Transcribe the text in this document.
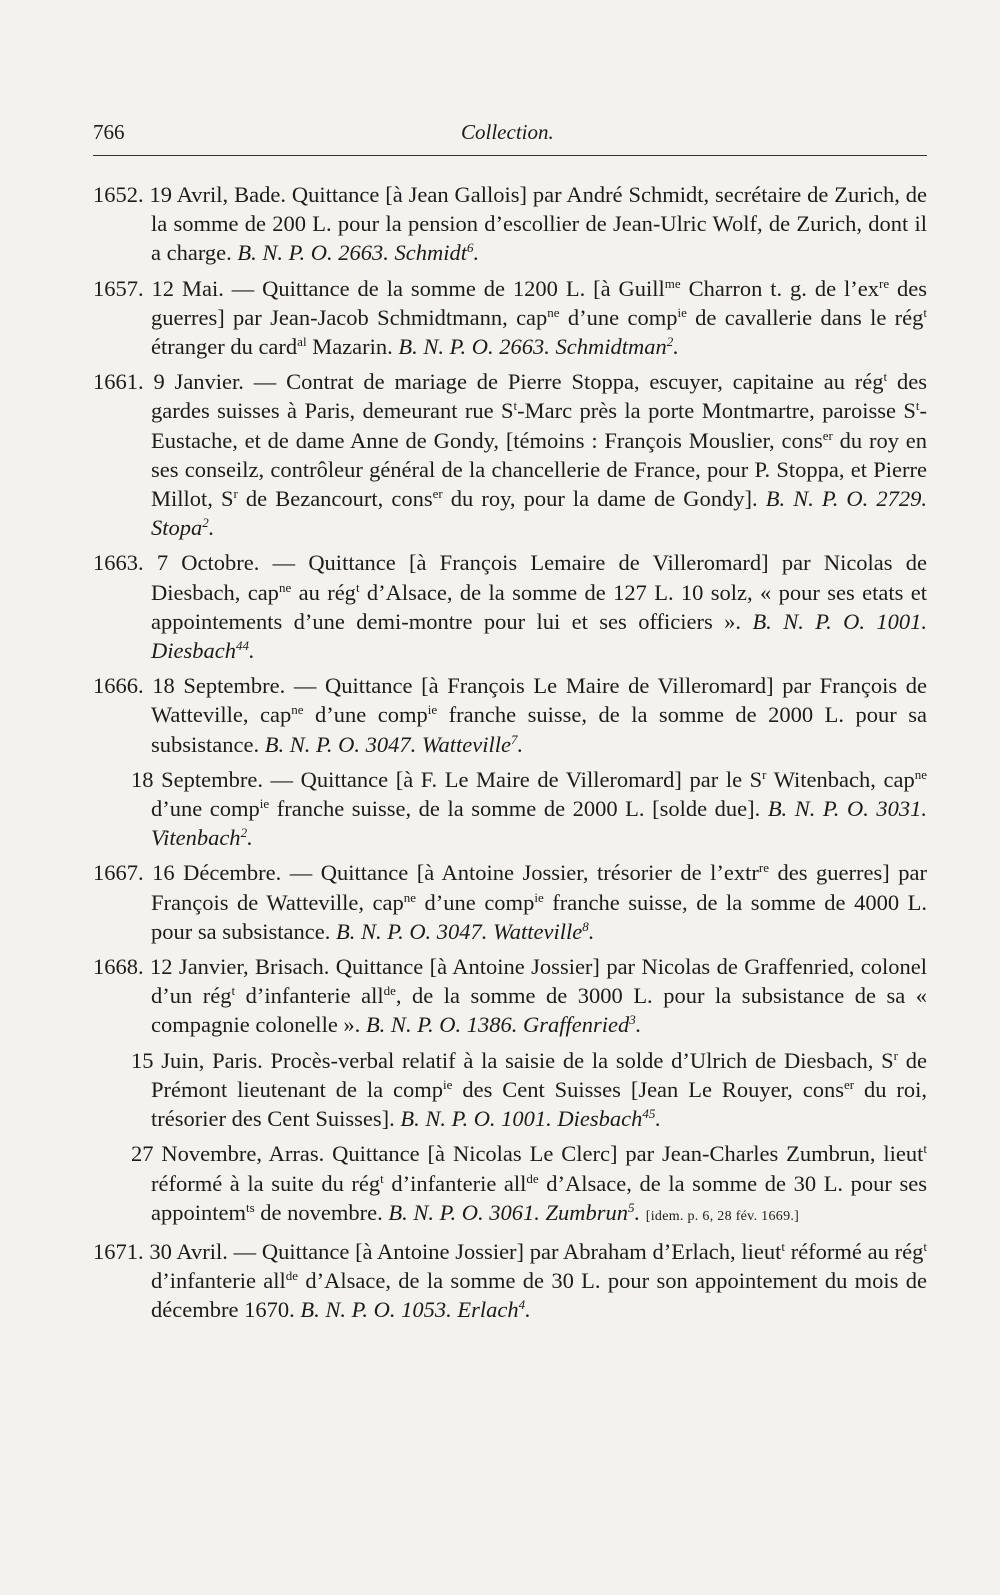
766	Collection.

1652. 19 Avril, Bade. Quittance [à Jean Gallois] par André Schmidt, secrétaire de Zurich, de la somme de 200 L. pour la pension d’escollier de Jean-Ulric Wolf, de Zurich, dont il a charge. B. N. P. O. 2663. Schmidt$^6$.

1657. 12 Mai. — Quittance de la somme de 1200 L. [à Guill$^{me}$ Charron t. g. de $l’ex^{re}$ des guerres] par Jean-Jacob Schmidtmann, cap$^{ne}$ d’une comp$^{ie}$ de cavallerie dans le rég$^t$ étranger du card$^{al}$ Mazarin. B. N. P. O. 2663. Schmidtman$^2$.

1661. 9 Janvier. — Contrat de mariage de Pierre Stoppa, escuyer, capitaine au rég$^t$ des gardes suisses à Paris, demeurant rue $S^t$-Marc près la porte Montmartre, paroisse $S^t$-Eustache, et de dame Anne de Gondy, [témoins : François Mouslier, cons$^{er}$ du roy en ses conseilz, contrôleur général de la chancellerie de France, pour P. Stoppa, et Pierre Millot, $S^r$ de Bezancourt, cons$^{er}$ du roy, pour la dame de Gondy]. B. N. P. O. 2729. Stopa$^2$.

1663. 7 Octobre. — Quittance [à François Lemaire de Villeromard] par Nicolas de Diesbach, cap$^{ne}$ au rég$^t$ d’Alsace, de la somme de 127 L. 10 solz, « pour ses etats et appointements d’une demi-montre pour lui et ses officiers ». B. N. P. O. 1001. Diesbach$^{44}$.

1666. 18 Septembre. — Quittance [à François Le Maire de Villeromard] par François de Watteville, cap$^{ne}$ d’une comp$^{ie}$ franche suisse, de la somme de 2000 L. pour sa subsistance. B. N. P. O. 3047. Watteville$^7$.

18 Septembre. — Quittance [à F. Le Maire de Villeromard] par le $S^r$ Witenbach, cap$^{ne}$ d’une comp$^{ie}$ franche suisse, de la somme de 2000 L. [solde due]. B. N. P. O. 3031. Vitenbach$^2$.

1667. 16 Décembre. — Quittance [à Antoine Jossier, trésorier de l’extr$^{re}$ des guerres] par François de Watteville, cap$^{ne}$ d’une comp$^{ie}$ franche suisse, de la somme de 4000 L. pour sa subsistance. B. N. P. O. 3047. Watteville$^8$.

1668. 12 Janvier, Brisach. Quittance [à Antoine Jossier] par Nicolas de Graffenried, colonel d’un rég$^t$ d’infanterie all$^{de}$, de la somme de 3000 L. pour la subsistance de sa « compagnie colonelle ». B. N. P. O. 1386. Graffenried$^3$.

15 Juin, Paris. Procès-verbal relatif à la saisie de la solde d’Ulrich de Diesbach, $S^r$ de Prémont lieutenant de la comp$^{ie}$ des Cent Suisses [Jean Le Rouyer, cons$^{er}$ du roi, trésorier des Cent Suisses]. B. N. P. O. 1001. Diesbach$^{45}$.

27 Novembre, Arras. Quittance [à Nicolas Le Clerc] par Jean-Charles Zumbrun, lieut$^t$ réformé à la suite du rég$^t$ d’infanterie all$^{de}$ d’Alsace, de la somme de 30 L. pour ses appointem$^{ts}$ de novembre. B. N. P. O. 3061. Zumbrun$^5$. [idem. p. 6, 28 fév. 1669.]

1671. 30 Avril. — Quittance [à Antoine Jossier] par Abraham d’Erlach, lieut$^t$ réformé au rég$^t$ d’infanterie all$^{de}$ d’Alsace, de la somme de 30 L. pour son appointement du mois de décembre 1670. B. N. P. O. 1053. Erlach$^4$.
